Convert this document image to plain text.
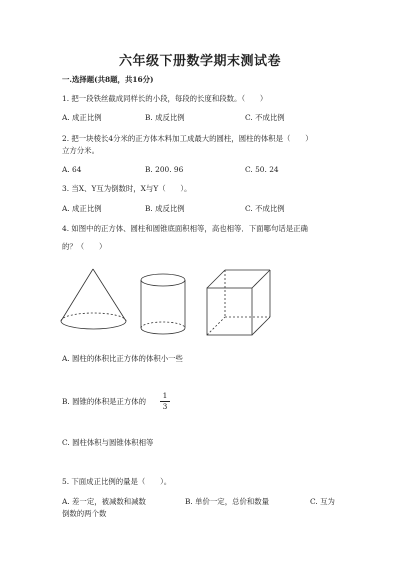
六年级下册数学期末测试卷
一.选择题(共8题，共16分)
1. 把一段铁丝截成同样长的小段，每段的长度和段数。（　　）
A. 成正比例	B. 成反比例	C. 不成比例
2. 把一块棱长4分米的正方体木料加工成最大的圆柱，圆柱的体积是（　　）
立方分米。
A. 64	B. 200. 96	C. 50. 24
3. 当X、Y互为倒数时，X与Y（　　）。
A. 成正比例	B. 成反比例	C. 不成比例
4. 如图中的正方体、圆柱和圆锥底面积相等，高也相等．下面哪句话是正确
的？（　　）
A. 圆柱的体积比正方体的体积小一些
B. 圆锥的体积是正方体的
1
3
C. 圆柱体积与圆锥体积相等
5. 下面成正比例的量是（　　）。
A. 差一定，被减数和减数	B. 单价一定，总价和数量	C. 互为
倒数的两个数
